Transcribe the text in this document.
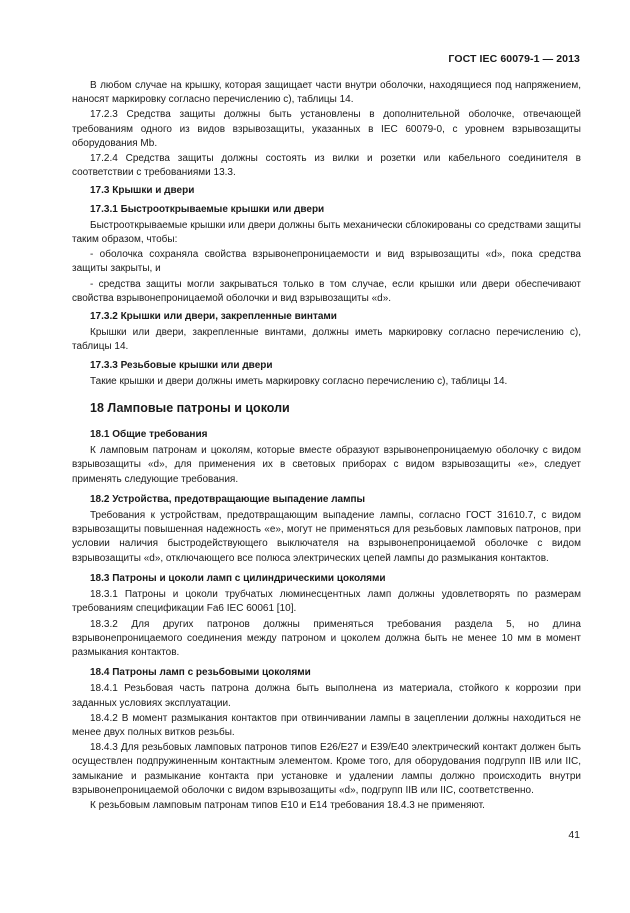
ГОСТ IEC 60079-1 — 2013

В любом случае на крышку, которая защищает части внутри оболочки, находящиеся под напряжением, наносят маркировку согласно перечислению с), таблицы 14.

17.2.3 Средства защиты должны быть установлены в дополнительной оболочке, отвечающей требованиям одного из видов взрывозащиты, указанных в IEC 60079-0, с уровнем взрывозащиты оборудования Mb.

17.2.4 Средства защиты должны состоять из вилки и розетки или кабельного соединителя в соответствии с требованиями 13.3.

17.3 Крышки и двери

17.3.1 Быстрооткрываемые крышки или двери

Быстрооткрываемые крышки или двери должны быть механически сблокированы со средствами защиты таким образом, чтобы:

- оболочка сохраняла свойства взрывонепроницаемости и вид взрывозащиты «d», пока средства защиты закрыты, и

- средства защиты могли закрываться только в том случае, если крышки или двери обеспечивают свойства взрывонепроницаемой оболочки и вид взрывозащиты «d».

17.3.2 Крышки или двери, закрепленные винтами

Крышки или двери, закрепленные винтами, должны иметь маркировку согласно перечислению с), таблицы 14.

17.3.3 Резьбовые крышки или двери

Такие крышки и двери должны иметь маркировку согласно перечислению с), таблицы 14.

18 Ламповые патроны и цоколи

18.1 Общие требования

К ламповым патронам и цоколям, которые вместе образуют взрывонепроницаемую оболочку с видом взрывозащиты «d», для применения их в световых приборах с видом взрывозащиты «е», следует применять следующие требования.

18.2 Устройства, предотвращающие выпадение лампы

Требования к устройствам, предотвращающим выпадение лампы, согласно ГОСТ 31610.7, с видом взрывозащиты повышенная надежность «е», могут не применяться для резьбовых ламповых патронов, при условии наличия быстродействующего выключателя на взрывонепроницаемой оболочке с видом взрывозащиты «d», отключающего все полюса электрических цепей лампы до размыкания контактов.

18.3 Патроны и цоколи ламп с цилиндрическими цоколями

18.3.1 Патроны и цоколи трубчатых люминесцентных ламп должны удовлетворять по размерам требованиям спецификации Fa6 IEC 60061 [10].

18.3.2 Для других патронов должны применяться требования раздела 5, но длина взрывонепроницаемого соединения между патроном и цоколем должна быть не менее 10 мм в момент размыкания контактов.

18.4 Патроны ламп с резьбовыми цоколями

18.4.1 Резьбовая часть патрона должна быть выполнена из материала, стойкого к коррозии при заданных условиях эксплуатации.

18.4.2 В момент размыкания контактов при отвинчивании лампы в зацеплении должны находиться не менее двух полных витков резьбы.

18.4.3 Для резьбовых ламповых патронов типов Е26/Е27 и Е39/Е40 электрический контакт должен быть осуществлен подпружиненным контактным элементом. Кроме того, для оборудования подгрупп IIB или IIC, замыкание и размыкание контакта при установке и удалении лампы должно происходить внутри взрывонепроницаемой оболочки с видом взрывозащиты «d», подгрупп IIB или IIC, соответственно.

К резьбовым ламповым патронам типов Е10 и Е14 требования 18.4.3 не применяют.

41
